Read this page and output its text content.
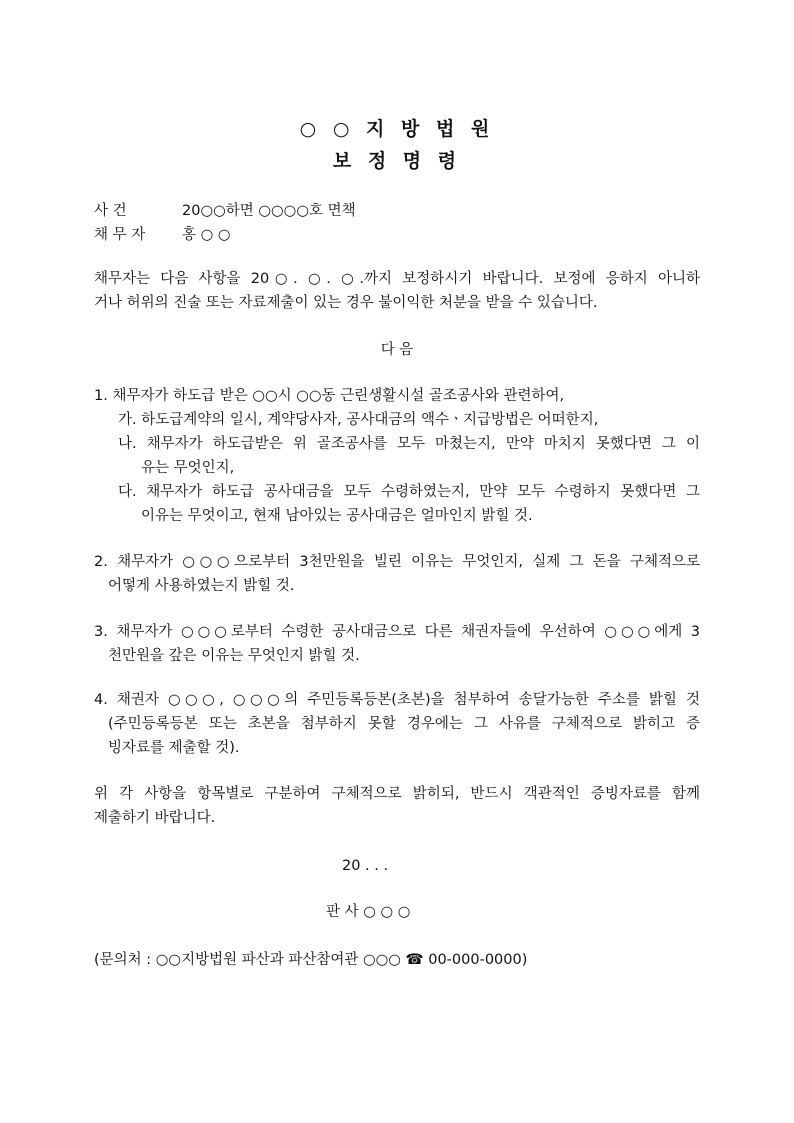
○ ○ 지 방 법 원
보 정 명 령
사 건	20○○하면 ○○○○호 면책
채 무 자	홍 ○ ○
채무자는 다음 사항을 20○. ○. ○.까지 보정하시기 바랍니다. 보정에 응하지 아니하
거나 허위의 진술 또는 자료제출이 있는 경우 불이익한 처분을 받을 수 있습니다.
다 음
1. 채무자가 하도급 받은 ○○시 ○○동 근린생활시설 골조공사와 관련하여,
가. 하도급계약의 일시, 계약당사자, 공사대금의 액수ㆍ지급방법은 어떠한지,
나. 채무자가 하도급받은 위 골조공사를 모두 마쳤는지, 만약 마치지 못했다면 그 이
유는 무엇인지,
다. 채무자가 하도급 공사대금을 모두 수령하였는지, 만약 모두 수령하지 못했다면 그
이유는 무엇이고, 현재 남아있는 공사대금은 얼마인지 밝힐 것.
2. 채무자가 ○○○으로부터 3천만원을 빌린 이유는 무엇인지, 실제 그 돈을 구체적으로
어떻게 사용하였는지 밝힐 것.
3. 채무자가 ○○○로부터 수령한 공사대금으로 다른 채권자들에 우선하여 ○○○에게 3
천만원을 갚은 이유는 무엇인지 밝힐 것.
4. 채권자 ○○○, ○○○의 주민등록등본(초본)을 첨부하여 송달가능한 주소를 밝힐 것
(주민등록등본 또는 초본을 첨부하지 못할 경우에는 그 사유를 구체적으로 밝히고 증
빙자료를 제출할 것).
위 각 사항을 항목별로 구분하여 구체적으로 밝히되, 반드시 객관적인 증빙자료를 함께
제출하기 바랍니다.
20 . . .
판 사 ○ ○ ○
(문의처 : ○○지방법원 파산과 파산참여관 ○○○ ☎ 00-000-0000)
